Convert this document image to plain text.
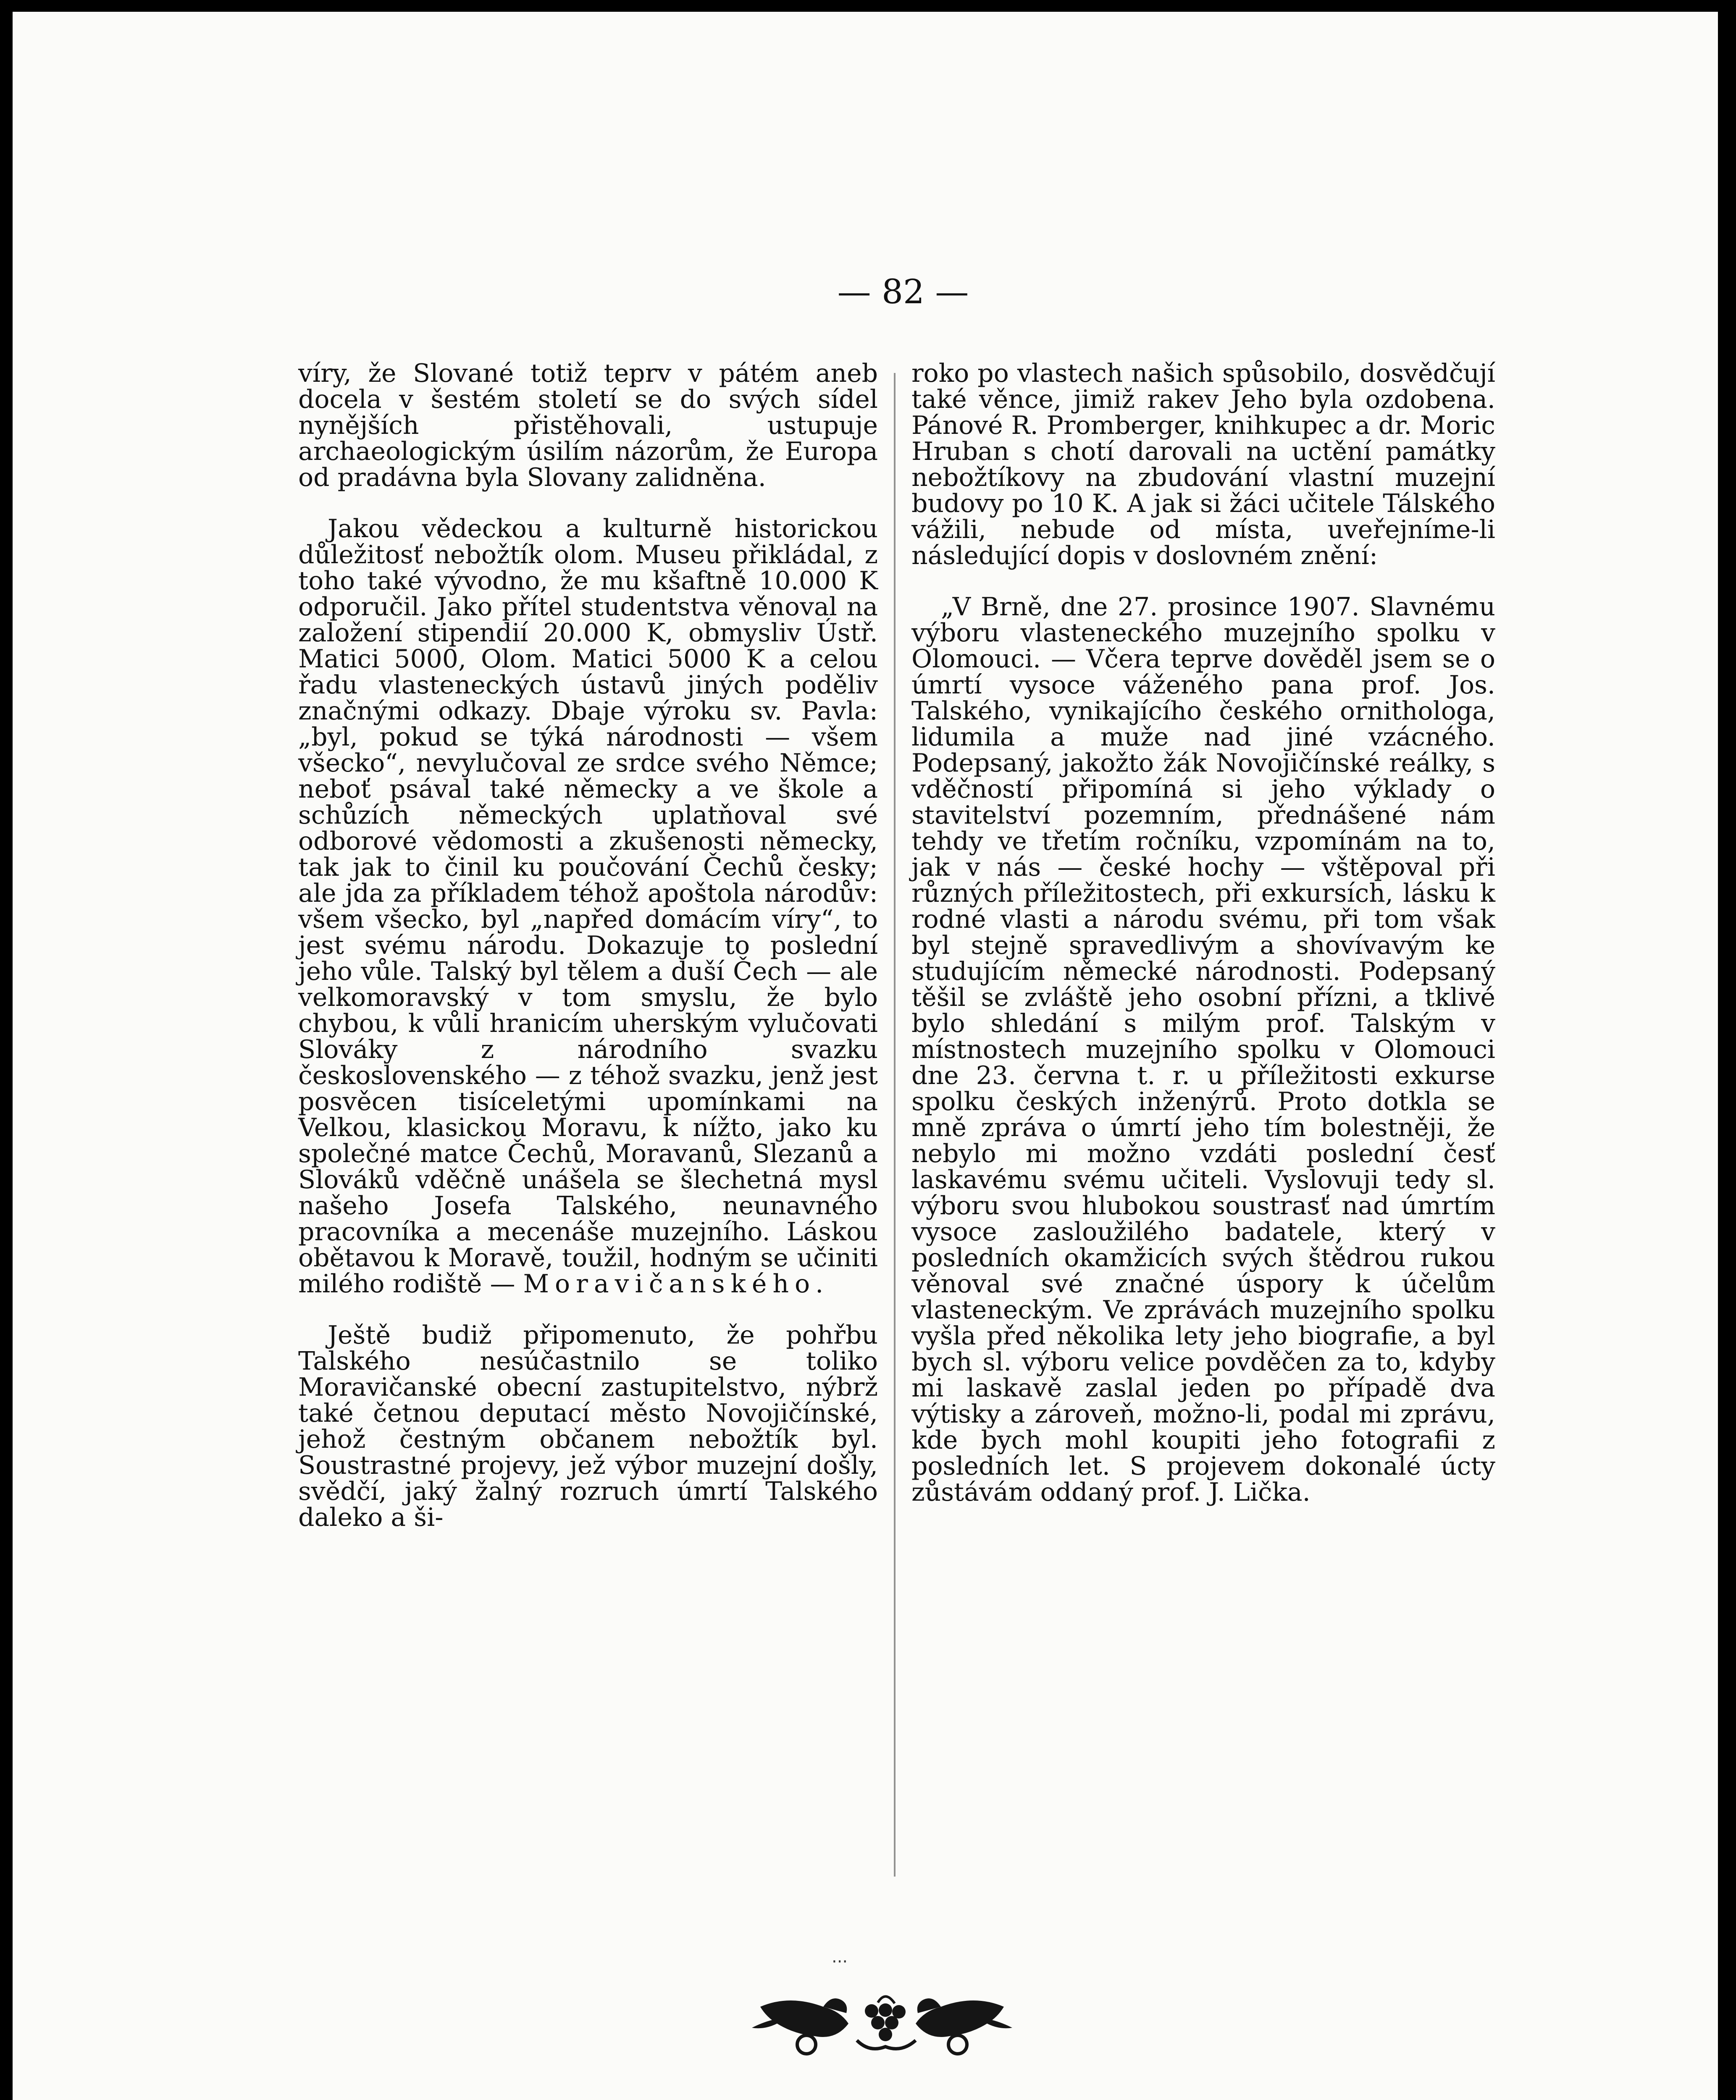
— 82 —

víry, že Slované totiž teprv v pátém aneb docela v šestém století se do svých sídel nynějších přistěhovali, ustupuje archaeologickým úsilím názorům, že Europa od pradávna byla Slovany zalidněna.

Jakou vědeckou a kulturně historickou důležitosť nebožtík olom. Museu přikládal, z toho také vývodno, že mu kšaftně 10.000 K odporučil. Jako přítel studentstva věnoval na založení stipendií 20.000 K, obmysliv Ústř. Matici 5000, Olom. Matici 5000 K a celou řadu vlasteneckých ústavů jiných poděliv značnými odkazy. Dbaje výroku sv. Pavla: „byl, pokud se týká národnosti — všem všecko“, nevylučoval ze srdce svého Němce; neboť psával také německy a ve škole a schůzích německých uplatňoval své odborové vědomosti a zkušenosti německy, tak jak to činil ku poučování Čechů česky; ale jda za příkladem téhož apoštola národův: všem všecko, byl „napřed domácím víry“, to jest svému národu. Dokazuje to poslední jeho vůle. Talský byl tělem a duší Čech — ale velkomoravský v tom smyslu, že bylo chybou, k vůli hranicím uherským vylučovati Slováky z národního svazku československého — z téhož svazku, jenž jest posvěcen tisíceletými upomínkami na Velkou, klasickou Moravu, k nížto, jako ku společné matce Čechů, Moravanů, Slezanů a Slováků vděčně unášela se šlechetná mysl našeho Josefa Talského, neunavného pracovníka a mecenáše muzejního. Láskou obětavou k Moravě, toužil, hodným se učiniti milého rodiště — Moravičanského.

Ještě budiž připomenuto, že pohřbu Talského nesúčastnilo se toliko Moravičanské obecní zastupitelstvo, nýbrž také četnou deputací město Novojičínské, jehož čestným občanem nebožtík byl. Soustrastné projevy, jež výbor muzejní došly, svědčí, jaký žalný rozruch úmrtí Talského daleko a ši-

roko po vlastech našich spůsobilo, dosvědčují také věnce, jimiž rakev Jeho byla ozdobena. Pánové R. Promberger, knihkupec a dr. Moric Hruban s chotí darovali na uctění památky nebožtíkovy na zbudování vlastní muzejní budovy po 10 K. A jak si žáci učitele Tálského vážili, nebude od místa, uveřejníme-li následující dopis v doslovném znění:

„V Brně, dne 27. prosince 1907. Slavnému výboru vlasteneckého muzejního spolku v Olomouci. — Včera teprve dověděl jsem se o úmrtí vysoce váženého pana prof. Jos. Talského, vynikajícího českého ornithologa, lidumila a muže nad jiné vzácného. Podepsaný, jakožto žák Novojičínské reálky, s vděčností připomíná si jeho výklady o stavitelství pozemním, přednášené nám tehdy ve třetím ročníku, vzpomínám na to, jak v nás — české hochy — vštěpoval při různých příležitostech, při exkursích, lásku k rodné vlasti a národu svému, při tom však byl stejně spravedlivým a shovívavým ke studujícím německé národnosti. Podepsaný těšil se zvláště jeho osobní přízni, a tklivé bylo shledání s milým prof. Talským v místnostech muzejního spolku v Olomouci dne 23. června t. r. u příležitosti exkurse spolku českých inženýrů. Proto dotkla se mně zpráva o úmrtí jeho tím bolestněji, že nebylo mi možno vzdáti poslední česť laskavému svému učiteli. Vyslovuji tedy sl. výboru svou hlubokou soustrasť nad úmrtím vysoce zasloužilého badatele, který v posledních okamžicích svých štědrou rukou věnoval své značné úspory k účelům vlasteneckým. Ve zprávách muzejního spolku vyšla před několika lety jeho biografie, a byl bych sl. výboru velice povděčen za to, kdyby mi laskavě zaslal jeden po případě dva výtisky a zároveň, možno-li, podal mi zprávu, kde bych mohl koupiti jeho fotografii z posledních let. S projevem dokonalé úcty zůstávám oddaný prof. J. Lička.

···
